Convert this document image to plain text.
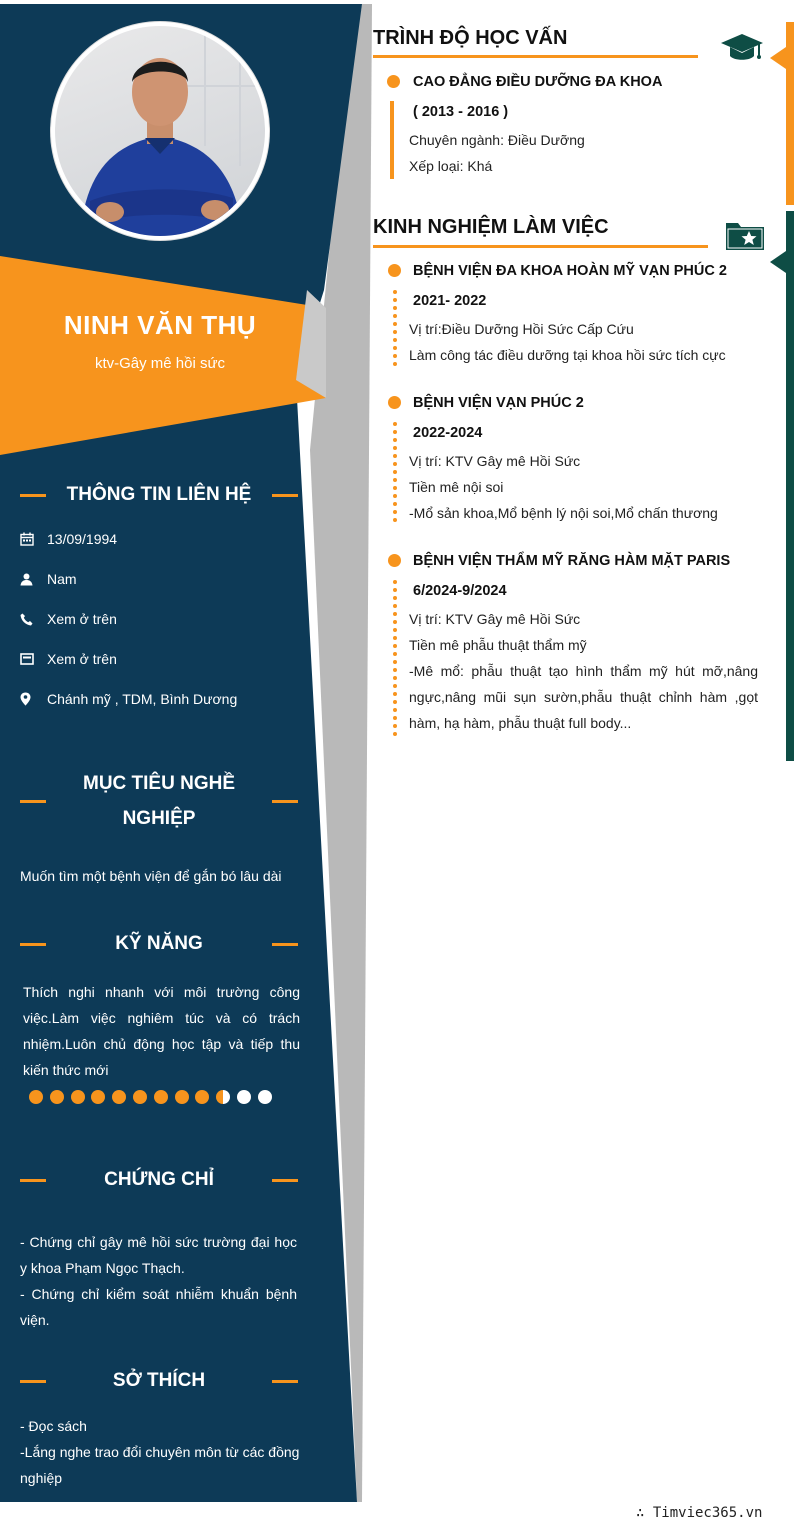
NINH VĂN THỤ
ktv-Gây mê hồi sức
THÔNG TIN LIÊN HỆ
13/09/1994
Nam
Xem ở trên
Xem ở trên
Chánh mỹ , TDM, Bình Dương
MỤC TIÊU NGHỀ
NGHIỆP
Muốn tìm một bệnh viện để gắn bó lâu dài
KỸ NĂNG
Thích nghi nhanh với môi trường công việc.Làm việc nghiêm túc và có trách nhiệm.Luôn chủ động học tập và tiếp thu kiến thức mới
CHỨNG CHỈ
- Chứng chỉ gây mê hồi sức trường đại học y khoa Phạm Ngọc Thạch.
- Chứng chỉ kiểm soát nhiễm khuẩn bệnh viện.
SỞ THÍCH
- Đọc sách
-Lắng nghe trao đổi chuyên môn từ các đồng nghiệp
TRÌNH ĐỘ HỌC VẤN
CAO ĐẲNG ĐIỀU DƯỠNG ĐA KHOA
( 2013 - 2016 )
Chuyên ngành: Điều Dưỡng
Xếp loại: Khá
KINH NGHIỆM LÀM VIỆC
BỆNH VIỆN ĐA KHOA HOÀN MỸ VẠN PHÚC 2
2021- 2022
Vị trí:Điều Dưỡng Hồi Sức Cấp Cứu
Làm công tác điều dưỡng tại khoa hồi sức tích cực
BỆNH VIỆN VẠN PHÚC 2
2022-2024
Vị trí: KTV Gây mê Hồi Sức
Tiền mê nội soi
-Mổ sản khoa,Mổ bệnh lý nội soi,Mổ chấn thương
BỆNH VIỆN THẨM MỸ RĂNG HÀM MẶT PARIS
6/2024-9/2024
Vị trí: KTV Gây mê Hồi Sức
Tiền mê phẫu thuật thẩm mỹ
-Mê mổ: phẫu thuật tạo hình thẩm mỹ hút mỡ,nâng ngực,nâng mũi sụn sườn,phẫu thuật chỉnh hàm ,gọt hàm, hạ hàm, phẫu thuật full body...
∴ Timviec365.vn
